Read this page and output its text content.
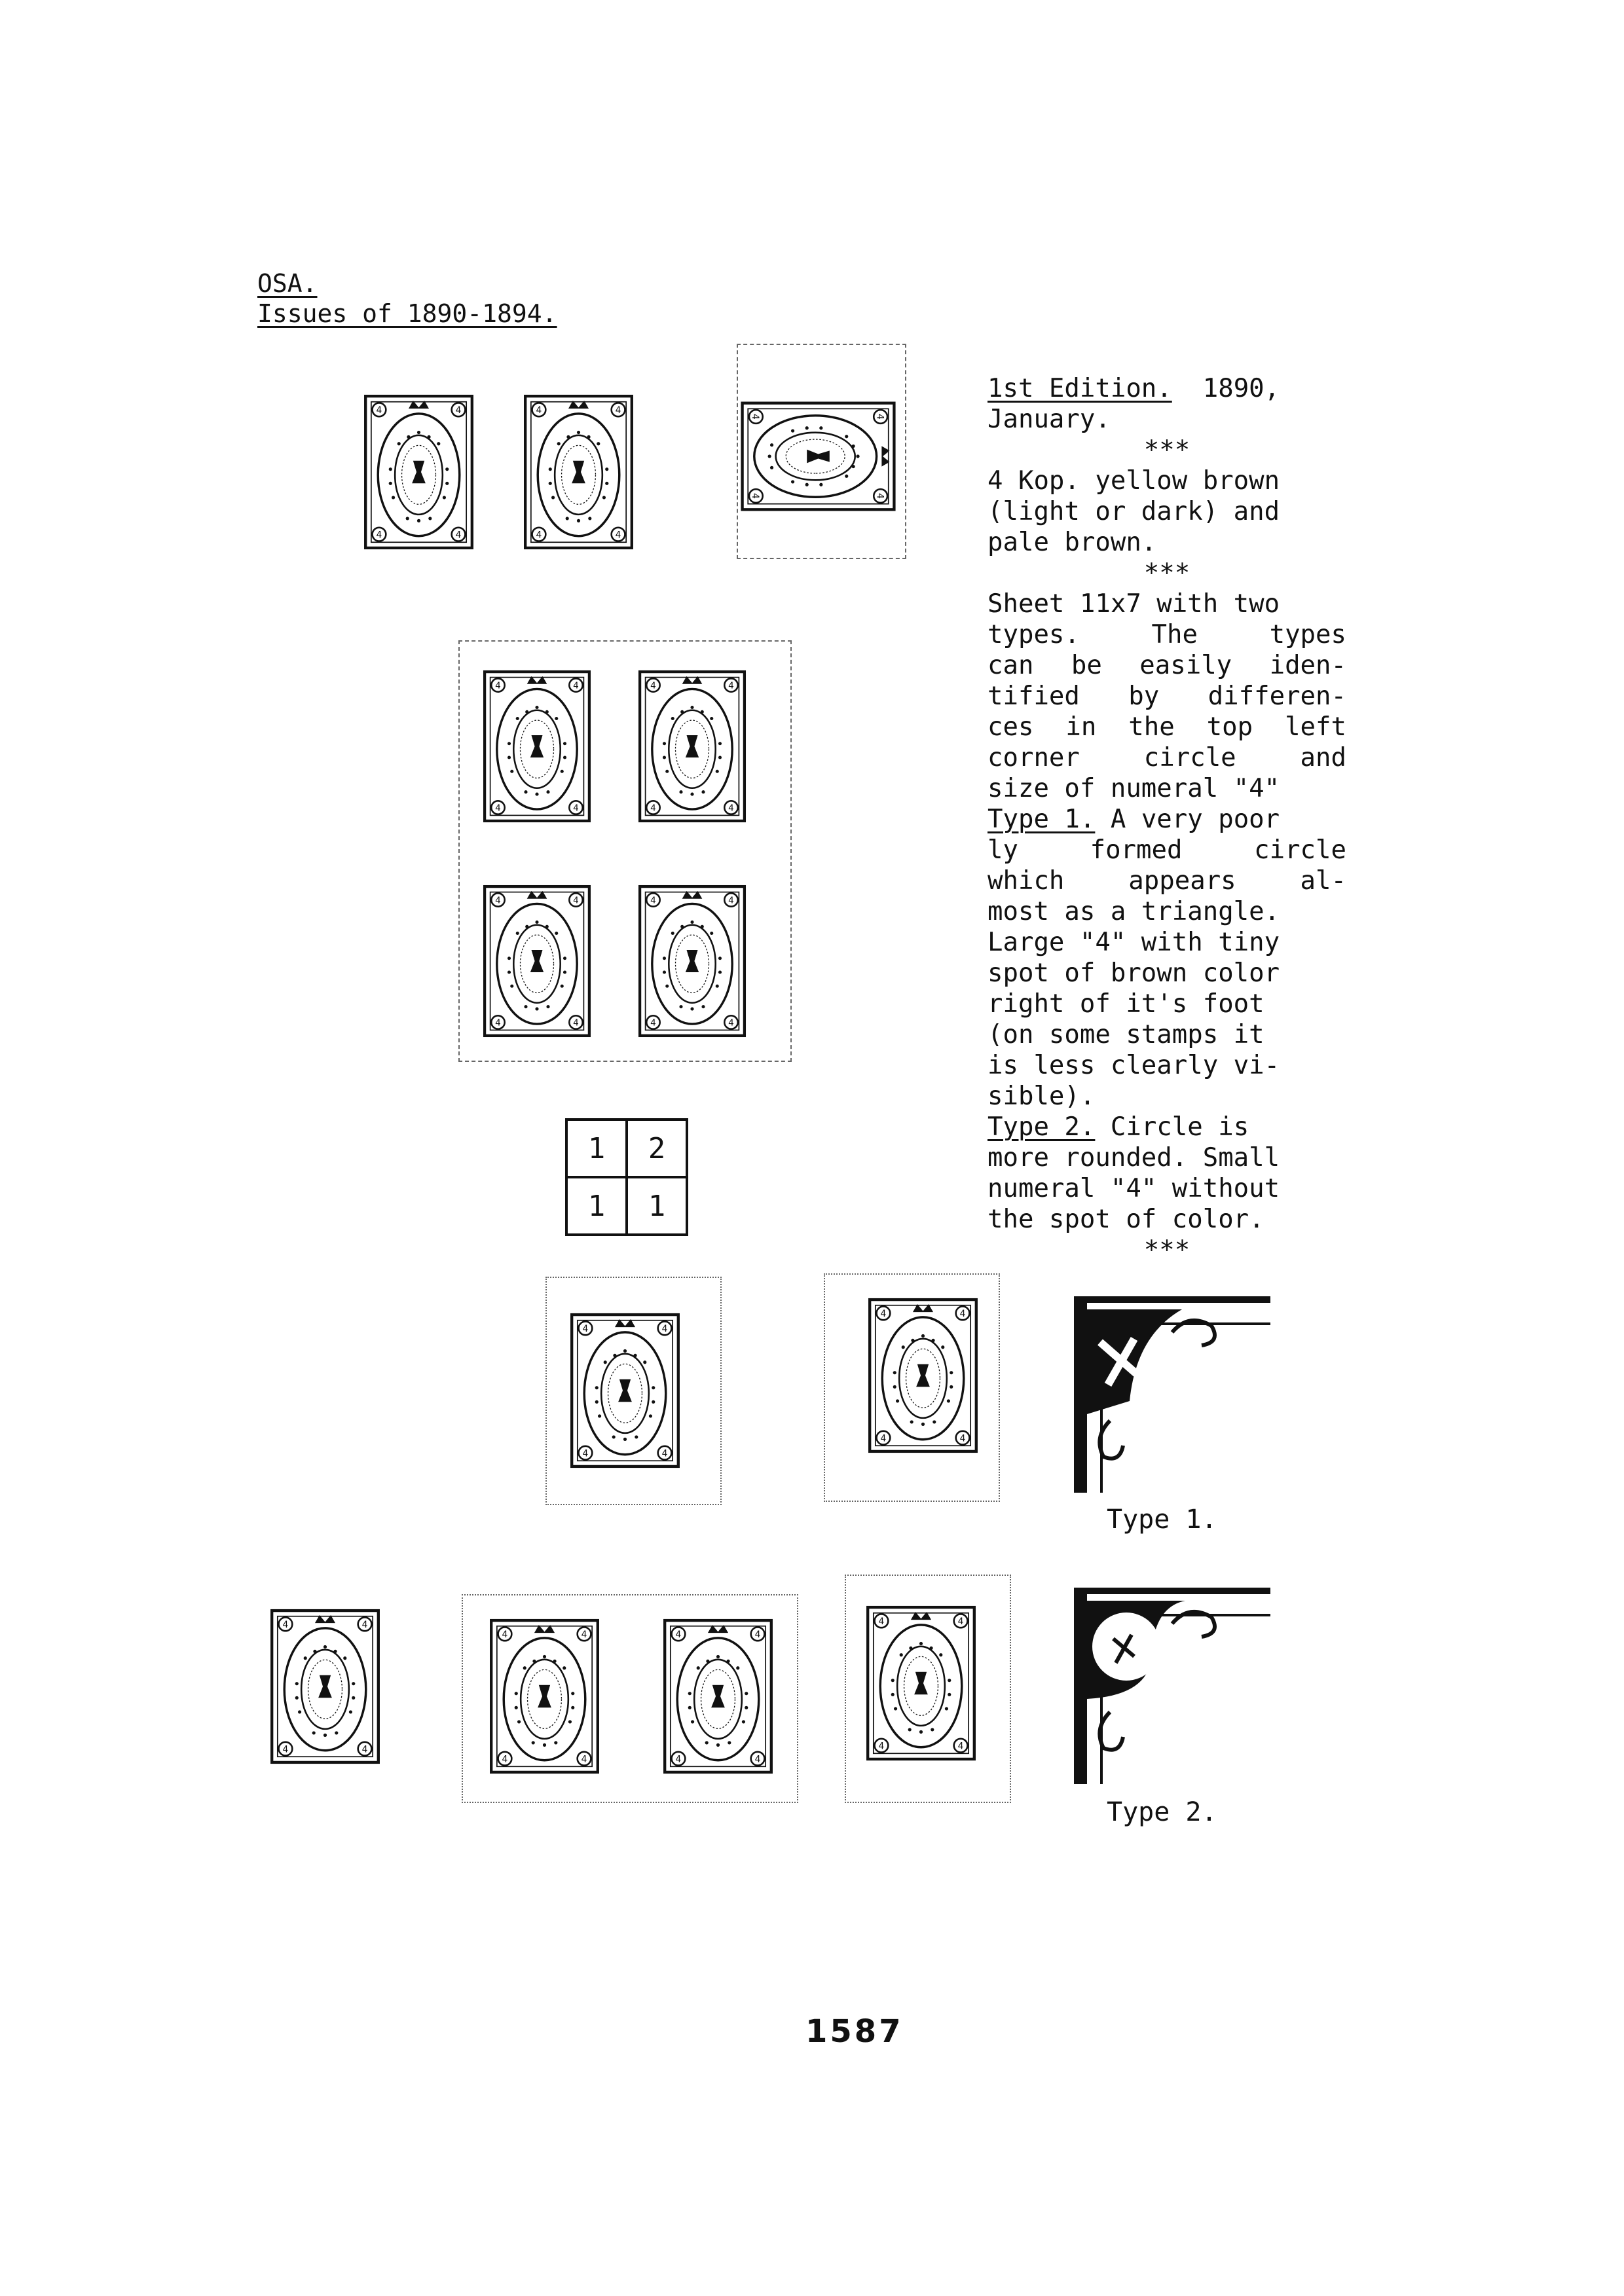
OSA.
Issues of 1890-1894.
1	2
1	1
1st Edition. 1890,
January.
***
4 Kop. yellow brown
(light or dark) and
pale brown.
***
Sheet 11x7 with two
types. The types
can be easily iden-
tified by differen-
ces in the top left
corner circle and
size of numeral "4"
Type 1. A very poor
ly formed circle
which appears al-
most as a triangle.
Large "4" with tiny
spot of brown color
right of it's foot
(on some stamps it
is less clearly vi-
sible).
Type 2. Circle is
more rounded. Small
numeral "4" without
the spot of color.
***
Type 1.
Type 2.
1587
